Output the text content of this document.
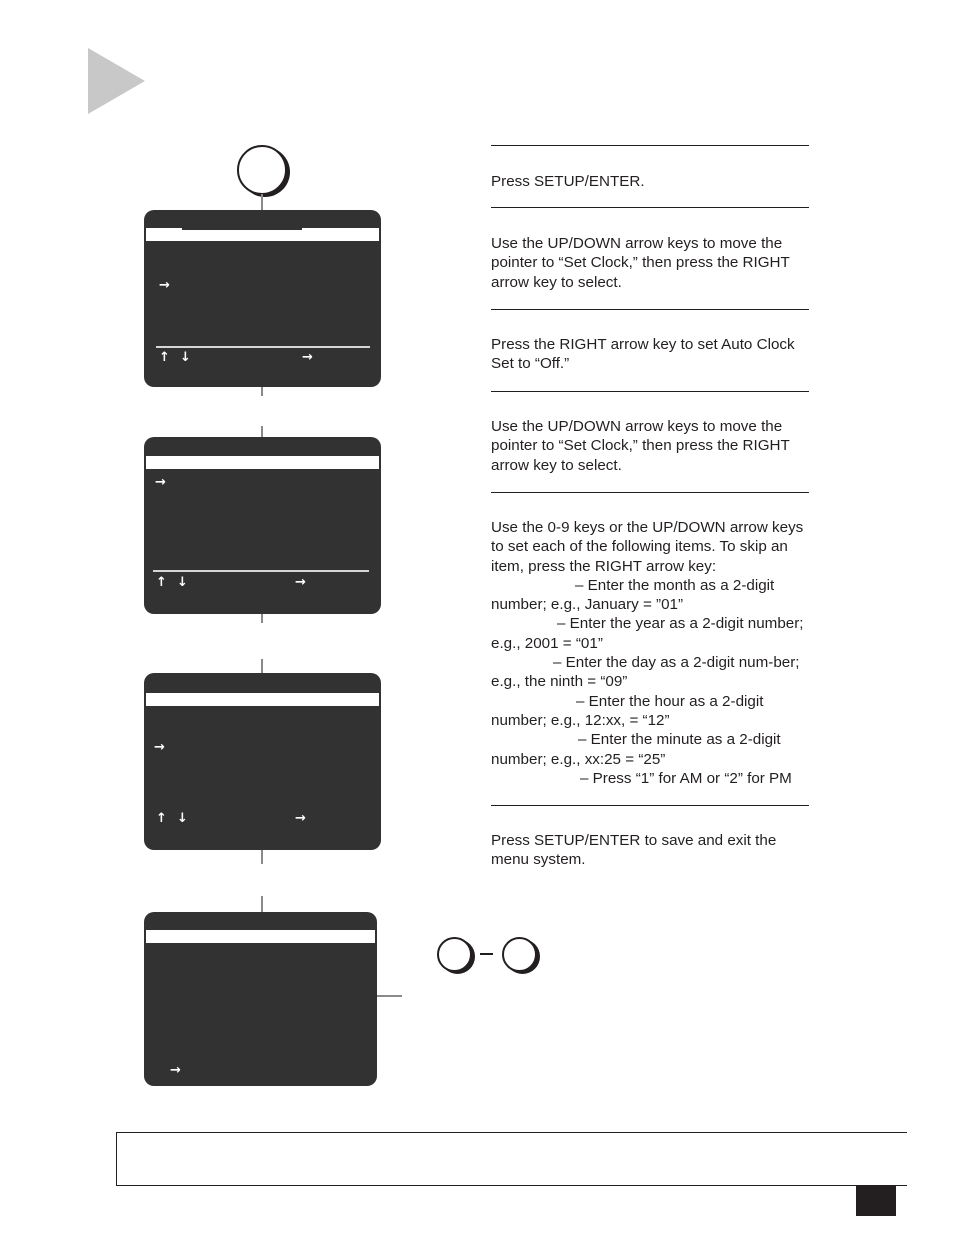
→
↑ ↓	→
→
↑ ↓	→
→
↑ ↓	→
→

Press SETUP/ENTER.

Use the UP/DOWN arrow keys to move the pointer to “Set Clock,” then press the RIGHT arrow key to select.

Press the RIGHT arrow key to set Auto Clock Set to “Off.”

Use the UP/DOWN arrow keys to move the pointer to “Set Clock,” then press the RIGHT arrow key to select.

Use the 0-9 keys or the UP/DOWN arrow keys to set each of the following items. To skip an item, press the RIGHT arrow key:
– Enter the month as a 2-digit number; e.g., January = ”01”
– Enter the year as a 2-digit number; e.g., 2001 = “01”
– Enter the day as a 2-digit num-ber; e.g., the ninth = “09”
– Enter the hour as a 2-digit number; e.g., 12:xx, = “12”
– Enter the minute as a 2-digit number; e.g., xx:25 = “25”
– Press “1” for AM or “2” for PM

Press SETUP/ENTER to save and exit the menu system.
